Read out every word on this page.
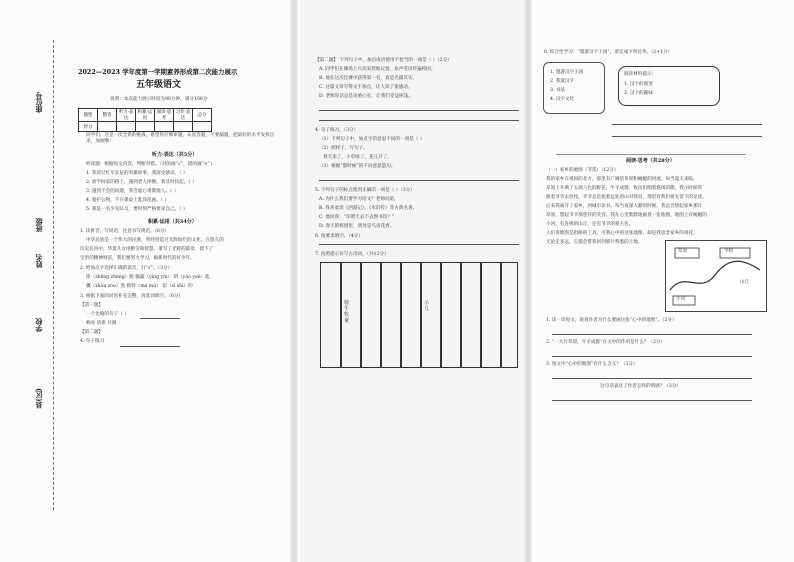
座位号
班级
姓名
学校
县(区)
2022—2023 学年度第一学期素养形成第二次能力展示
五年级语文
说明：本次能力展示时间为90分钟，满分100分
题型	整容	听力·表达	积累·运用	阅读·思考	习作·表达	总分
得分						
同学们，这是一次全新的挑战，希望你仔细审题，认真答题，不要漏题，把最好的水平发挥出来，加油哦！
听力·表达（共5分）
听读题：根据短文内容，判断对错。（对的画“√”，错的画“×”）
1. 我读过红军长征的英雄故事，我深受感动。（ ）
2. 放学回家的路上，遇到老人摔倒，我及时扶起。（ ）
3. 遇到不会的问题，我会虚心请教他人。（ ）
4. 爱护公物，不在课桌上乱涂乱画。（ ）
5. 我是一名少先队员，要时刻严格要求自己。（ ）
积累·运用（共34分）
1. 读拼音，写词语，注意书写规范。（6分）
中华民族是一个伟大的民族，曾经创造过光辉灿烂的文化。在悠久的
历史长河中，华夏儿女用勤劳和智慧，谱写了光辉的篇章，留下了
宝贵的精神财富，我们要努力学习，做新时代的好少年。
2. 给加点字选择正确的读音，打“√”。（3分）
挣（zhēng zhèng）脱 输赢（yíng yín） 钥（yào yuè）匙
骤（zhòu zòu）然 模样（mó mú） 似（sì shì）的
3. 根据下面的词语补充完整，再选词填空。（6分）
【第一题】
一个比喻的句子（ ）
响亮 清新 开阔
【第二题】
4. 句子练习
【第二题】 下列句子中，加点成语使用不恰当的一项是（ ）（2分）
A. 同学们在操场上兴高采烈地玩耍，欢声笑语传遍校园。
B. 他在这次比赛中获得第一名，真是名副其实。
C. 这篇文章写得文不加点，让人读了很感动。
D. 老师说话总是语重心长，让我们受益匪浅。
4. 句子练习。（3分）
（1）下列句子中，加点字的意思不同的一项是（ ）
（2）照样子，写句子。
春天来了，小草绿了，花儿开了。
（3）根据“那时候”的不同意思造句。
5. 下列句子的标点使用正确的一项是（ ）（3分）
A. 为什么我们要学习语文？老师问道。
B. 我喜欢读《西游记》、《水浒传》等古典名著。
C. 他问我：“你明天去不去图书馆？”
D. 春天的校园里，到处是鸟语花香。
6. 按要求填空。（4分）
7. 按照提示补写古诗词。（共12分）
骑牛牧童
示儿
8. 综合性学习：“遨游汉字王国”，请完成下列任务。（2+1分）
1. 遨游汉字王国
2. 我爱汉字
3. 书法
4. 汉字文化
阅读材料提示：
1. 汉字的演变
2. 汉字的趣味
阅读·思考（共28分）
（一）家乡的地图（节选）（12分）
我的家乡在祖国的北方，那里有广阔的草原和蜿蜒的河流。每当夏天来临，
草原上开满了五颜六色的野花，牛羊成群，牧民们唱着悠扬的歌。我小时候常
跟着爷爷去放牧，爷爷总是指着远处的山对我说，那里有我们祖先留下的足迹。
后来我离开了家乡，到城市读书。每当夜深人静的时候，我总会想起家乡那片
草原，想起爷爷那慈祥的笑容。我在心里默默地画着一张地图，地图上有蜿蜒的
小河，有连绵的山丘，还有爷爷的蒙古包。
人们说地图是指路的工具，可我心中的这张地图，却是我思念家乡的寄托。
无论走多远，它都会带我回到那片熟悉的土地。
草原	学校
小河
山丘
1. 读一读短文，说说作者为什么要画这张“心中的地图”。（2分）
2. “一大片草原，牛羊成群”在文中的作用是什么？（2分）
3. 短文中“心中的地图”有什么含义？（3分）
这句话表达了作者怎样的情感？（3分）
